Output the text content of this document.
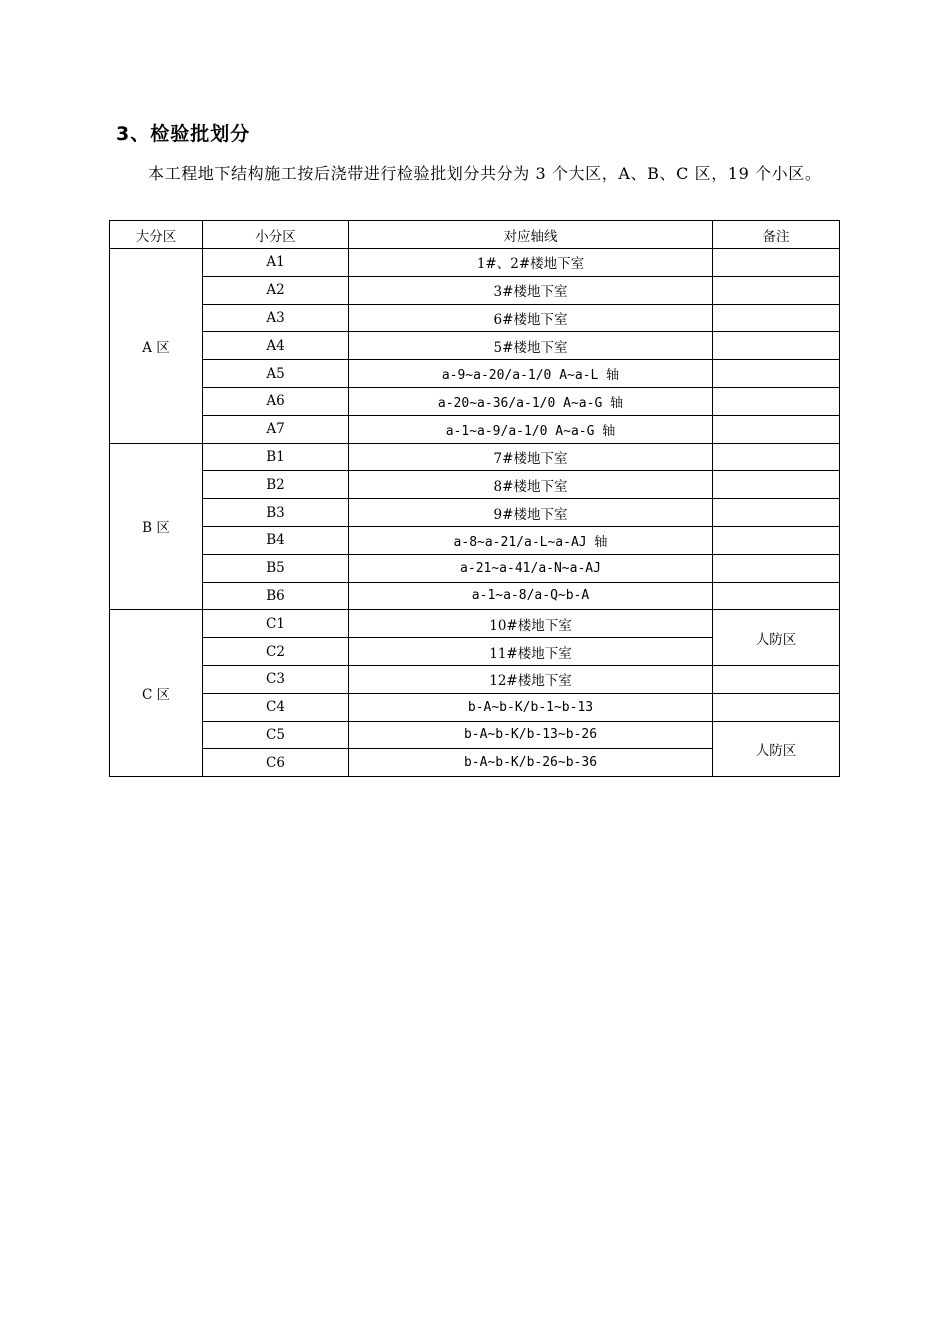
3、检验批划分

本工程地下结构施工按后浇带进行检验批划分共分为 3 个大区，A、B、C 区，19 个小区。

大分区	小分区	对应轴线	备注
A 区	A1	1#、2#楼地下室	
	A2	3#楼地下室	
	A3	6#楼地下室	
	A4	5#楼地下室	
	A5	a-9~a-20/a-1/0 A~a-L 轴	
	A6	a-20~a-36/a-1/0 A~a-G 轴	
	A7	a-1~a-9/a-1/0 A~a-G 轴	
B 区	B1	7#楼地下室	
	B2	8#楼地下室	
	B3	9#楼地下室	
	B4	a-8~a-21/a-L~a-AJ 轴	
	B5	a-21~a-41/a-N~a-AJ	
	B6	a-1~a-8/a-Q~b-A	
C 区	C1	10#楼地下室	人防区
	C2	11#楼地下室	
	C3	12#楼地下室	
	C4	b-A~b-K/b-1~b-13	
	C5	b-A~b-K/b-13~b-26	人防区
	C6	b-A~b-K/b-26~b-36	
